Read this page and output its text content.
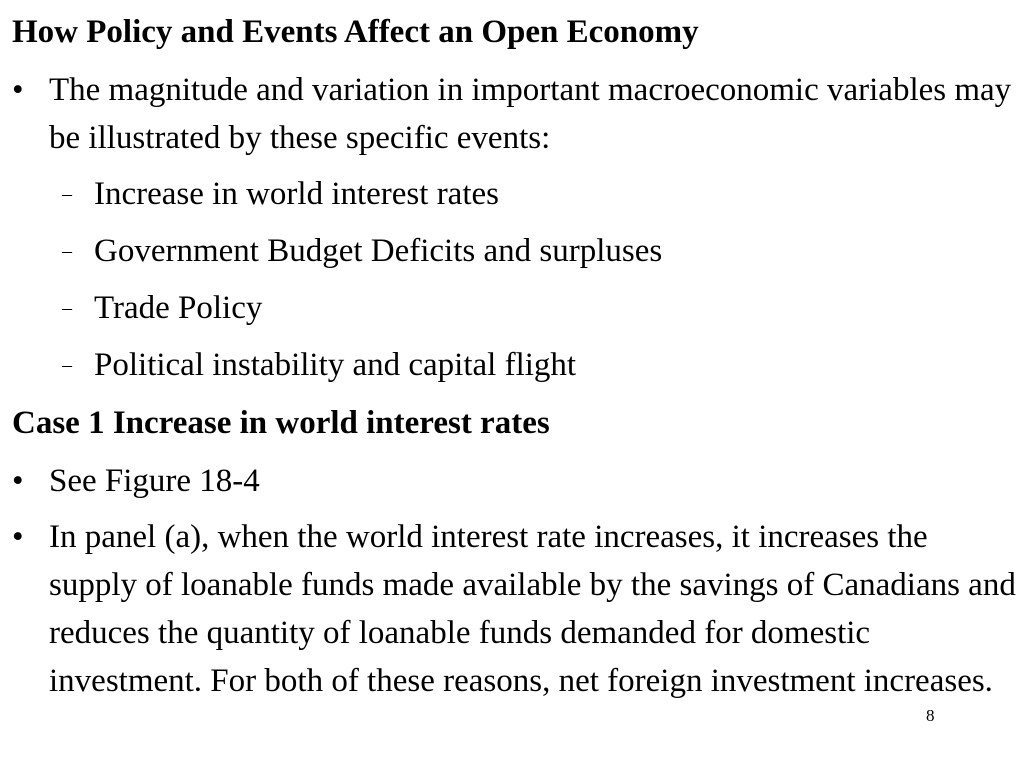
How Policy and Events Affect an Open Economy
• The magnitude and variation in important macroeconomic variables may be illustrated by these specific events:
– Increase in world interest rates
– Government Budget Deficits and surpluses
– Trade Policy
– Political instability and capital flight
Case 1 Increase in world interest rates
• See Figure 18-4
• In panel (a), when the world interest rate increases, it increases the supply of loanable funds made available by the savings of Canadians and reduces the quantity of loanable funds demanded for domestic investment. For both of these reasons, net foreign investment increases.
8
